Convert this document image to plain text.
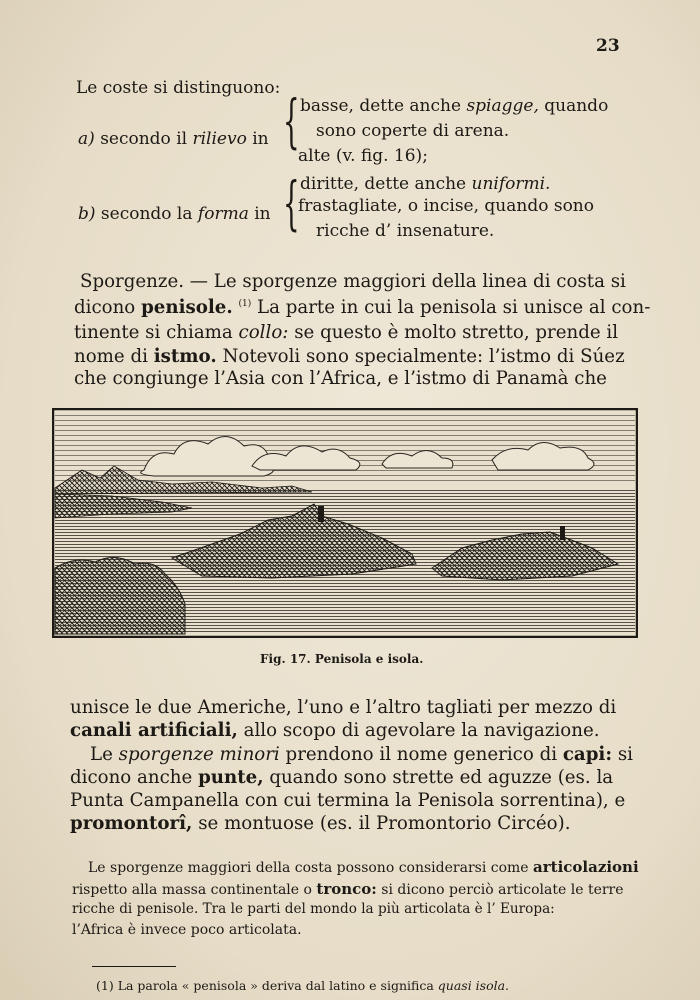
23
Le coste si distinguono:
a) secondo il rilievo in { basse, dette anche spiagge, quando
sono coperte di arena.
alte (v. fig. 16);
b) secondo la forma in { diritte, dette anche uniformi.
frastagliate, o incise, quando sono
ricche d’ insenature.
Sporgenze. — Le sporgenze maggiori della linea di costa si
dicono penisole. $^{(1)}$ La parte in cui la penisola si unisce al con-
tinente si chiama collo: se questo è molto stretto, prende il
nome di istmo. Notevoli sono specialmente: l’istmo di Súez
che congiunge l’Asia con l’Africa, e l’istmo di Panamà che
Fig. 17. Penisola e isola.
unisce le due Americhe, l’uno e l’altro tagliati per mezzo di
canali artificiali, allo scopo di agevolare la navigazione.
Le sporgenze minori prendono il nome generico di capi: si
dicono anche punte, quando sono strette ed aguzze (es. la
Punta Campanella con cui termina la Penisola sorrentina), e
promontorî, se montuose (es. il Promontorio Circéo).
Le sporgenze maggiori della costa possono considerarsi come articolazioni
rispetto alla massa continentale o tronco: si dicono perciò articolate le terre
ricche di penisole. Tra le parti del mondo la più articolata è l’ Europa:
l’Africa è invece poco articolata.
(1) La parola « penisola » deriva dal latino e significa quasi isola.
